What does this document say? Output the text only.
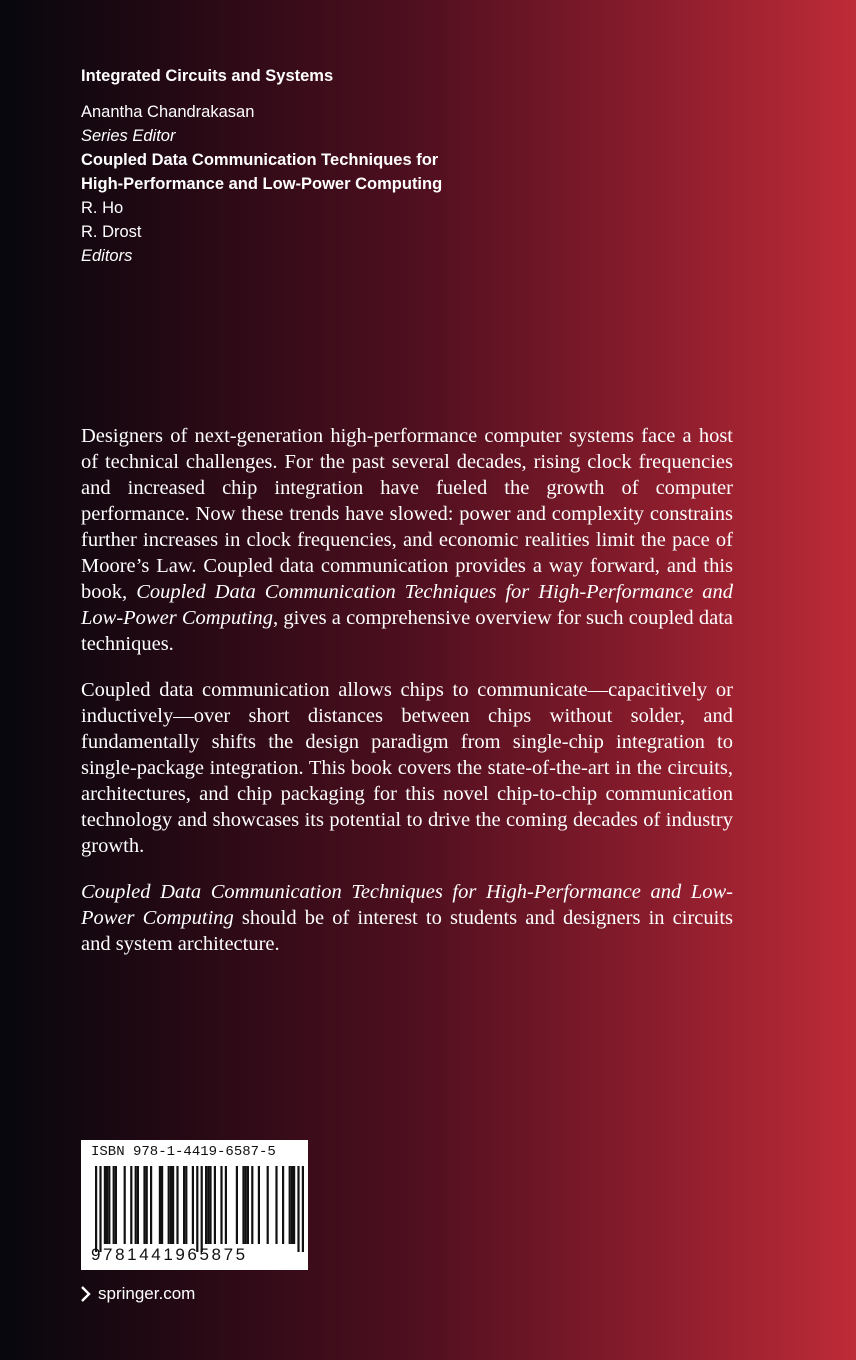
Integrated Circuits and Systems
Anantha Chandrakasan
Series Editor
Coupled Data Communication Techniques for
High-Performance and Low-Power Computing
R. Ho
R. Drost
Editors

Designers of next-generation high-performance computer systems face a host of technical challenges. For the past several decades, rising clock frequencies and increased chip integration have fueled the growth of computer performance. Now these trends have slowed: power and complexity constrains further increases in clock frequencies, and economic realities limit the pace of Moore’s Law. Coupled data communication provides a way forward, and this book, Coupled Data Communication Techniques for High-Performance and Low-Power Computing, gives a comprehensive overview for such coupled data techniques.

Coupled data communication allows chips to communicate—capacitively or inductively—over short distances between chips without solder, and fundamentally shifts the design paradigm from single-chip integration to single-package integration. This book covers the state-of-the-art in the circuits, architectures, and chip packaging for this novel chip-to-chip communication technology and showcases its potential to drive the coming decades of industry growth.

Coupled Data Communication Techniques for High-Performance and Low-Power Computing should be of interest to students and designers in circuits and system architecture.

ISBN 978-1-4419-6587-5
9781441965875
springer.com
